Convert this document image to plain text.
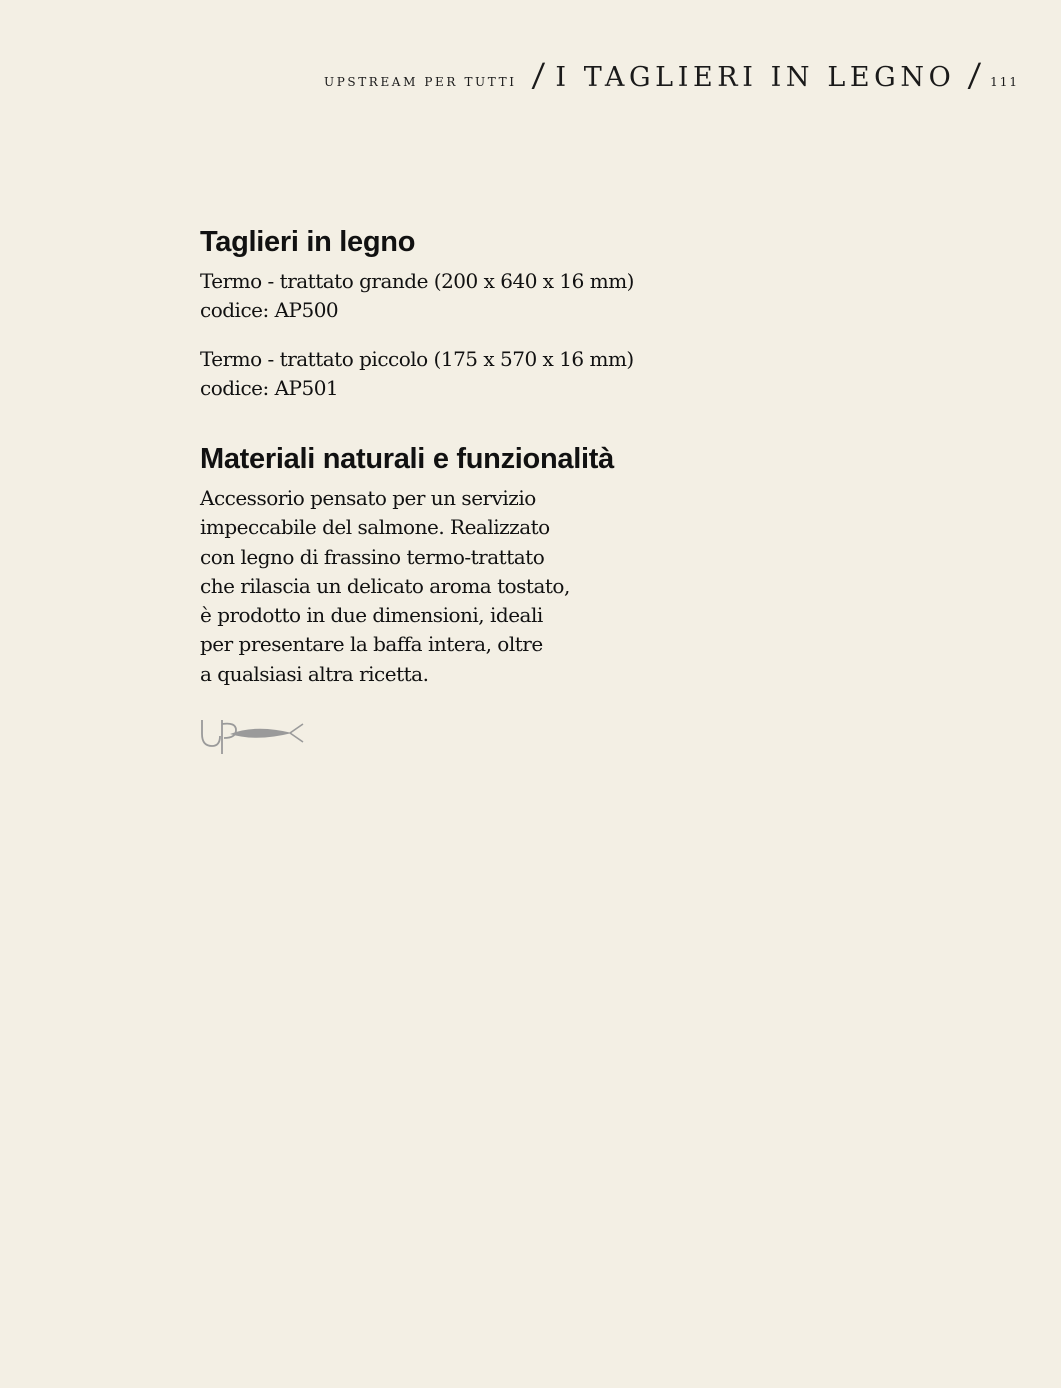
UPSTREAM PER TUTTI / I TAGLIERI IN LEGNO / 111
Taglieri in legno

Termo - trattato grande (200 x 640 x 16 mm)
codice: AP500

Termo - trattato piccolo (175 x 570 x 16 mm)
codice: AP501

Materiali naturali e funzionalità

Accessorio pensato per un servizio
impeccabile del salmone. Realizzato
con legno di frassino termo-trattato
che rilascia un delicato aroma tostato,
è prodotto in due dimensioni, ideali
per presentare la baffa intera, oltre
a qualsiasi altra ricetta.
